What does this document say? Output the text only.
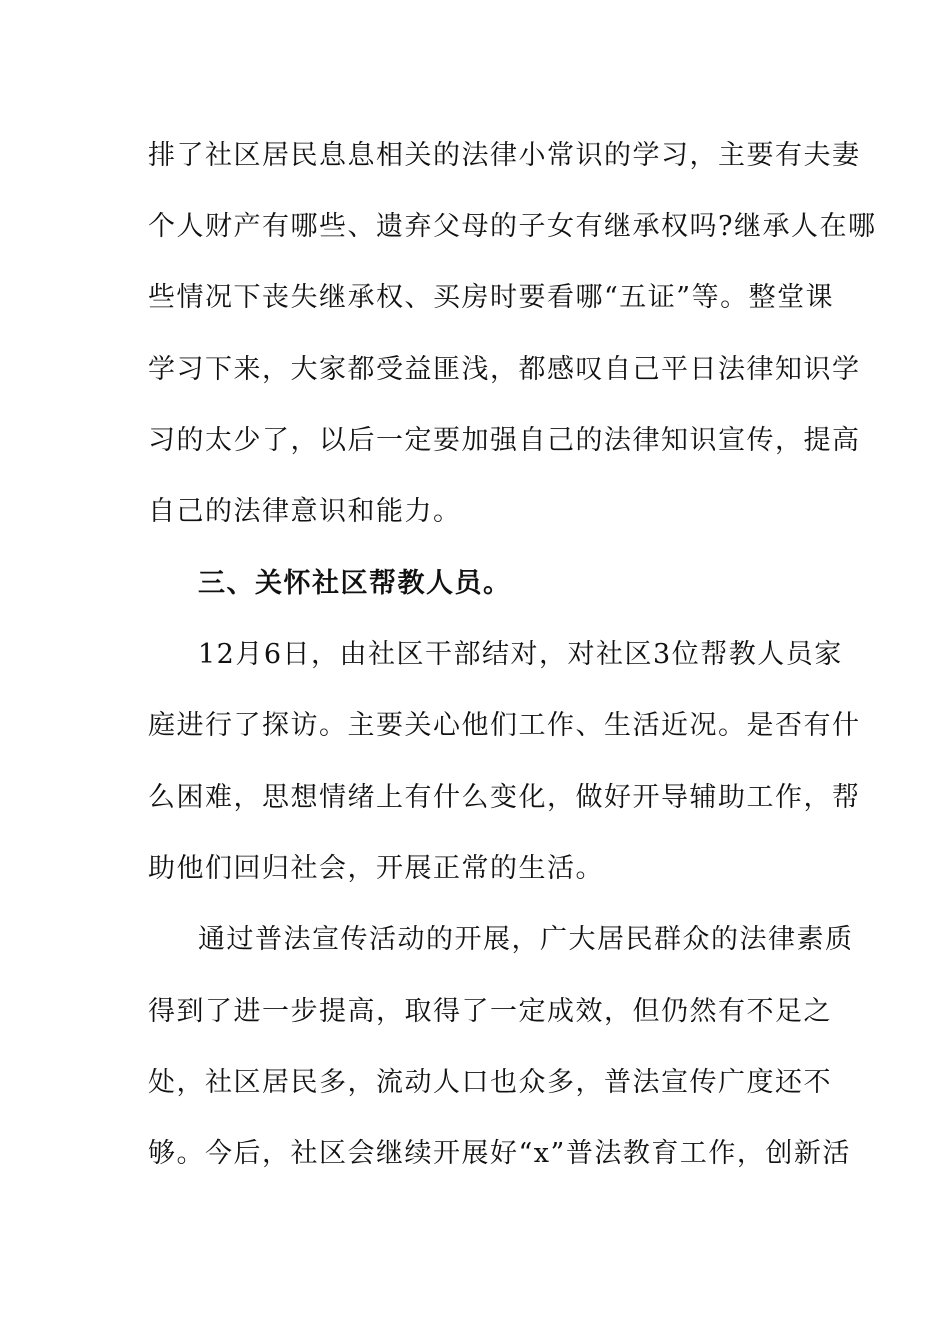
排了社区居民息息相关的法律小常识的学习，主要有夫妻
个人财产有哪些、遗弃父母的子女有继承权吗?继承人在哪
些情况下丧失继承权、买房时要看哪“五证”等。整堂课
学习下来，大家都受益匪浅，都感叹自己平日法律知识学
习的太少了，以后一定要加强自己的法律知识宣传，提高
自己的法律意识和能力。
三、关怀社区帮教人员。
12月6日，由社区干部结对，对社区3位帮教人员家
庭进行了探访。主要关心他们工作、生活近况。是否有什
么困难，思想情绪上有什么变化，做好开导辅助工作，帮
助他们回归社会，开展正常的生活。
通过普法宣传活动的开展，广大居民群众的法律素质
得到了进一步提高，取得了一定成效，但仍然有不足之
处，社区居民多，流动人口也众多，普法宣传广度还不
够。今后，社区会继续开展好“x”普法教育工作，创新活
